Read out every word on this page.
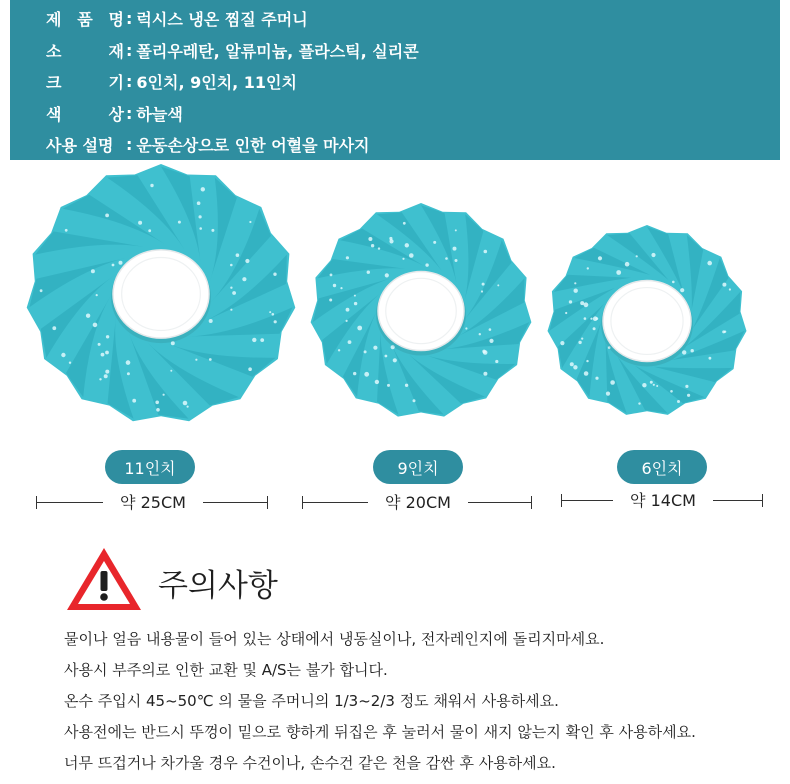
제 품 명 : 럭시스 냉온 찜질 주머니
소	재 : 폴리우레탄, 알류미늄, 플라스틱, 실리콘
크	기 : 6인치, 9인치, 11인치
색	상 : 하늘색
사용 설명 : 운동손상으로 인한 어혈을 마사지
11인치	9인치	6인치
약 25CM	약 20CM	약 14CM
주의사항
물이나 얼음 내용물이 들어 있는 상태에서 냉동실이나, 전자레인지에 돌리지마세요.
사용시 부주의로 인한 교환 및 A/S는 불가 합니다.
온수 주입시 45~50℃ 의 물을 주머니의 1/3~2/3 정도 채워서 사용하세요.
사용전에는 반드시 뚜껑이 밑으로 향하게 뒤집은 후 눌러서 물이 새지 않는지 확인 후 사용하세요.
너무 뜨겁거나 차가울 경우 수건이나, 손수건 같은 천을 감싼 후 사용하세요.
